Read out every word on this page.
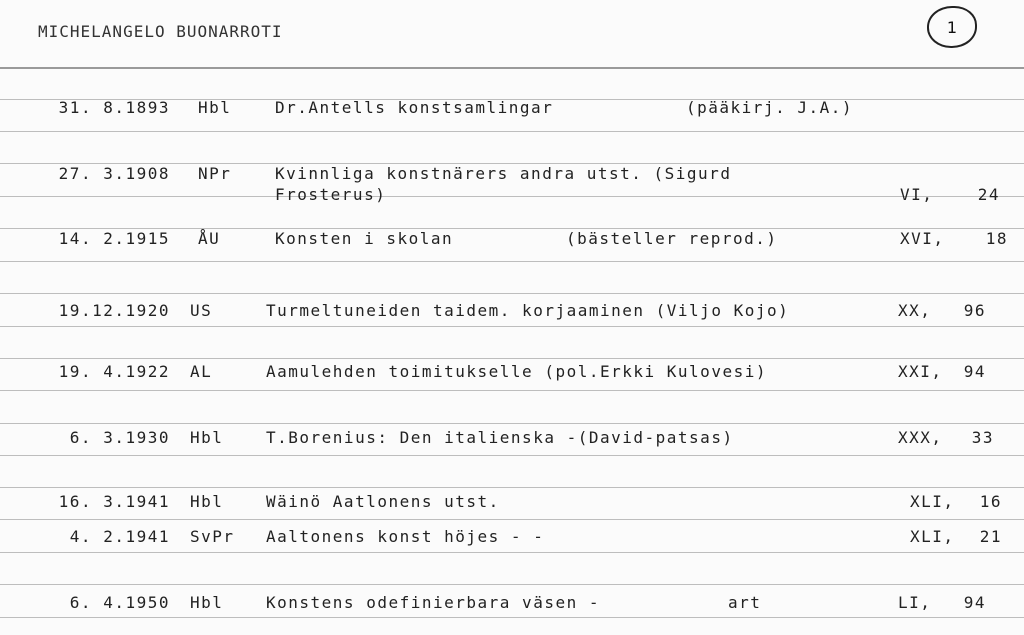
MICHELANGELO BUONARROTI	1
31. 8.1893 Hbl	Dr.Antells konstsamlingar	(pääkirj. J.A.)
27. 3.1908 NPr	Kvinnliga konstnärers andra utst. (Sigurd
Frosterus)	VI,	24
14. 2.1915 ÅU	Konsten i skolan	(bästeller reprod.)	XVI,	18
19.12.1920 US	Turmeltuneiden taidem. korjaaminen (Viljo Kojo)	XX,	96
19. 4.1922 AL	Aamulehden toimitukselle (pol.Erkki Kulovesi)	XXI,	94
6. 3.1930 Hbl	T.Borenius: Den italienska -(David-patsas)	XXX,	33
16. 3.1941 Hbl	Wäinö Aatlonens utst.	XLI,	16
4. 2.1941 SvPr Aaltonens konst höjes - -	XLI,	21
6. 4.1950 Hbl	Konstens odefinierbara väsen -	art	LI,	94
